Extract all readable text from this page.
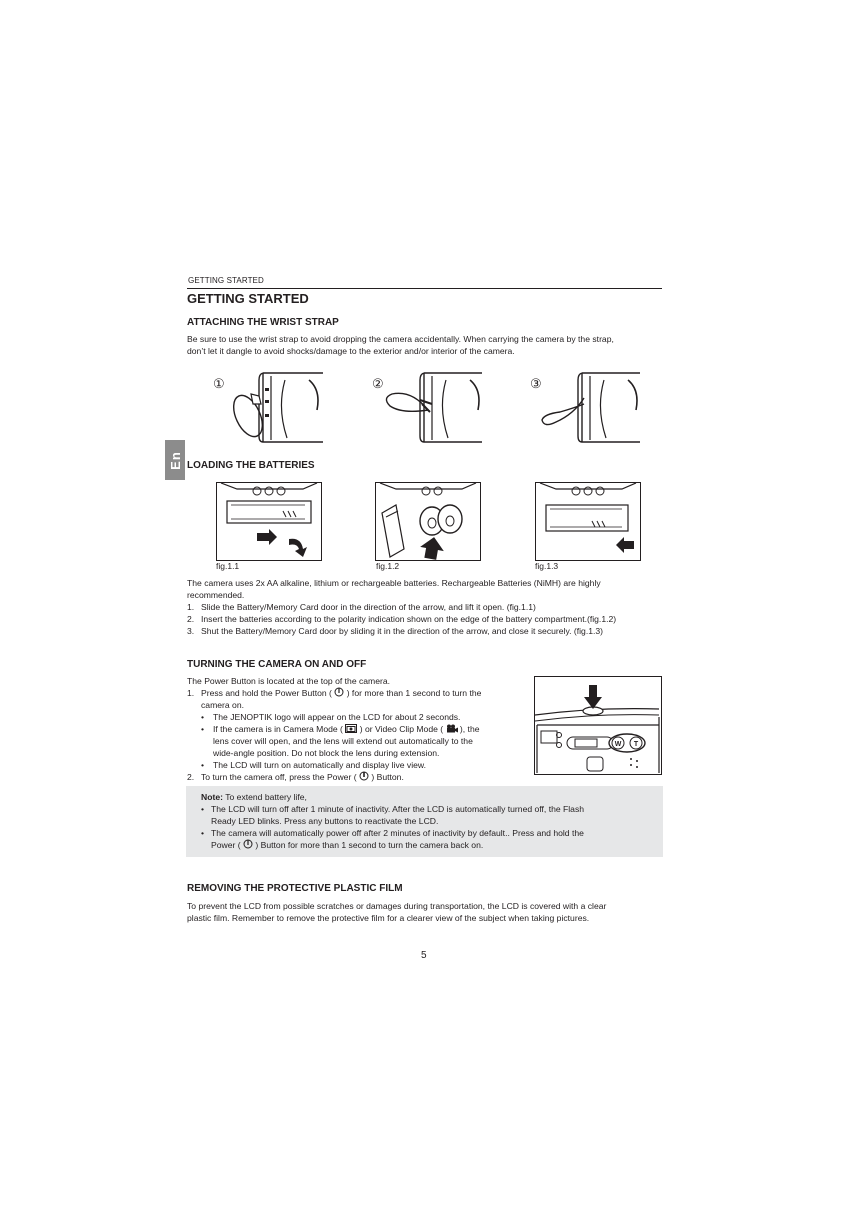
GETTING STARTED
GETTING STARTED
En
ATTACHING THE WRIST STRAP
Be sure to use the wrist strap to avoid dropping the camera accidentally. When carrying the camera by the strap,
don’t let it dangle to avoid shocks/damage to the exterior and/or interior of the camera.
①	②	③
LOADING THE BATTERIES
fig.1.1	fig.1.2	fig.1.3
The camera uses 2x AA alkaline, lithium or rechargeable batteries. Rechargeable Batteries (NiMH) are highly
recommended.
1. Slide the Battery/Memory Card door in the direction of the arrow, and lift it open. (fig.1.1)
2. Insert the batteries according to the polarity indication shown on the edge of the battery compartment.(fig.1.2)
3. Shut the Battery/Memory Card door by sliding it in the direction of the arrow, and close it securely. (fig.1.3)
TURNING THE CAMERA ON AND OFF
The Power Button is located at the top of the camera.
1. Press and hold the Power Button ( ) for more than 1 second to turn the
camera on.
• The JENOPTIK logo will appear on the LCD for about 2 seconds.
• If the camera is in Camera Mode ( ) or Video Clip Mode ( ), the
lens cover will open, and the lens will extend out automatically to the
wide-angle position. Do not block the lens during extension.
• The LCD will turn on automatically and display live view.
2. To turn the camera off, press the Power ( ) Button.
W T
Note: To extend battery life,
• The LCD will turn off after 1 minute of inactivity. After the LCD is automatically turned off, the Flash
Ready LED blinks. Press any buttons to reactivate the LCD.
• The camera will automatically power off after 2 minutes of inactivity by default.. Press and hold the
Power ( ) Button for more than 1 second to turn the camera back on.
REMOVING THE PROTECTIVE PLASTIC FILM
To prevent the LCD from possible scratches or damages during transportation, the LCD is covered with a clear
plastic film. Remember to remove the protective film for a clearer view of the subject when taking pictures.
5
